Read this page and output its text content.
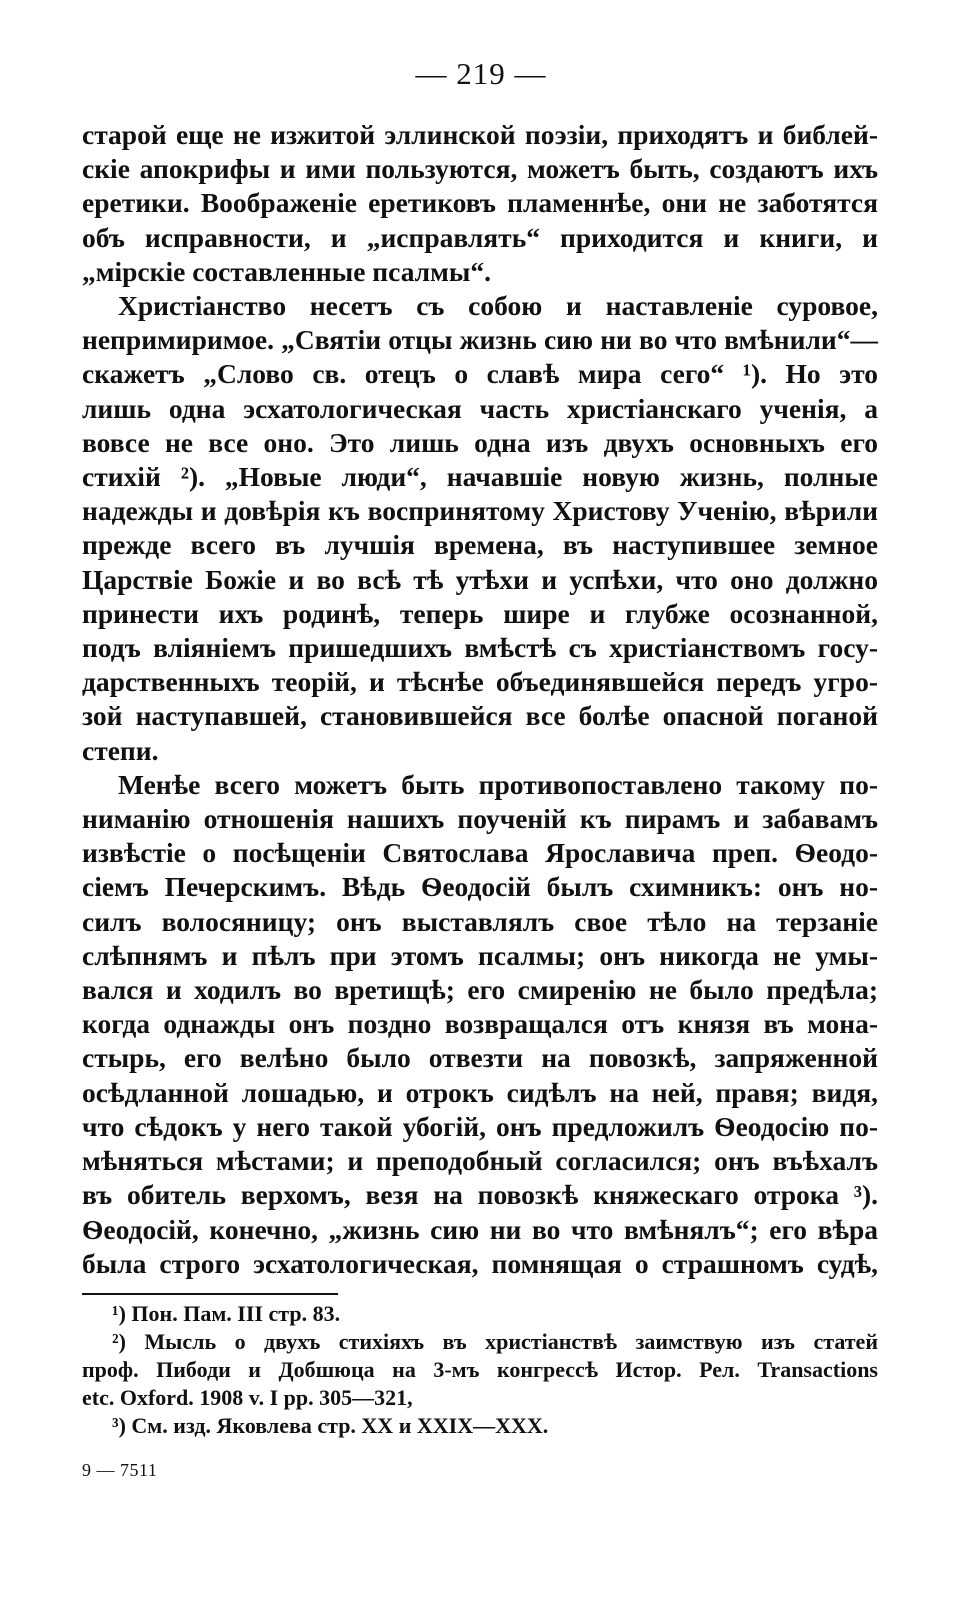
— 219 —

старой еще не изжитой эллинской поэзіи, приходятъ и библей-

скіе апокрифы и ими пользуются, можетъ быть, создаютъ ихъ

еретики. Воображеніе еретиковъ пламеннѣе, они не заботятся

объ исправности, и „исправлять“ приходится и книги, и

„мірскіе составленные псалмы“.

Христіанство несетъ съ собою и наставленіе суровое,

непримиримое. „Святіи отцы жизнь сию ни во что вмѣнили“—

скажетъ „Слово св. отецъ о славѣ мира сего“ ¹). Но это

лишь одна эсхатологическая часть христіанскаго ученія, а

вовсе не все оно. Это лишь одна изъ двухъ основныхъ его

стихій ²). „Новые люди“, начавшіе новую жизнь, полные

надежды и довѣрія къ воспринятому Христову Ученію, вѣрили

прежде всего въ лучшія времена, въ наступившее земное

Царствіе Божіе и во всѣ тѣ утѣхи и успѣхи, что оно должно

принести ихъ родинѣ, теперь шире и глубже осознанной,

подъ вліяніемъ пришедшихъ вмѣстѣ съ христіанствомъ госу-

дарственныхъ теорій, и тѣснѣе объединявшейся передъ угро-

зой наступавшей, становившейся все болѣе опасной поганой

степи.

Менѣе всего можетъ быть противопоставлено такому по-

ниманію отношенія нашихъ поученій къ пирамъ и забавамъ

извѣстіе о посѣщеніи Святослава Ярославича преп. Ѳеодо-

сіемъ Печерскимъ. Вѣдь Ѳеодосій былъ схимникъ: онъ но-

силъ волосяницу; онъ выставлялъ свое тѣло на терзаніе

слѣпнямъ и пѣлъ при этомъ псалмы; онъ никогда не умы-

вался и ходилъ во вретищѣ; его смиренію не было предѣла;

когда однажды онъ поздно возвращался отъ князя въ мона-

стырь, его велѣно было отвезти на повозкѣ, запряженной

осѣдланной лошадью, и отрокъ сидѣлъ на ней, правя; видя,

что сѣдокъ у него такой убогій, онъ предложилъ Ѳеодосію по-

мѣняться мѣстами; и преподобный согласился; онъ въѣхалъ

въ обитель верхомъ, везя на повозкѣ княжескаго отрока ³).

Ѳеодосій, конечно, „жизнь сию ни во что вмѣнялъ“; его вѣра

была строго эсхатологическая, помнящая о страшномъ судѣ,

¹) Пон. Пам. III стр. 83.

²) Мысль о двухъ стихіяхъ въ христіанствѣ заимствую изъ статей

проф. Пибоди и Добшюца на 3-мъ конгрессѣ Истор. Рел. Transactions

etc. Oxford. 1908 v. I pp. 305—321,

³) См. изд. Яковлева стр. XX и XXIX—XXX.

9 — 7511
